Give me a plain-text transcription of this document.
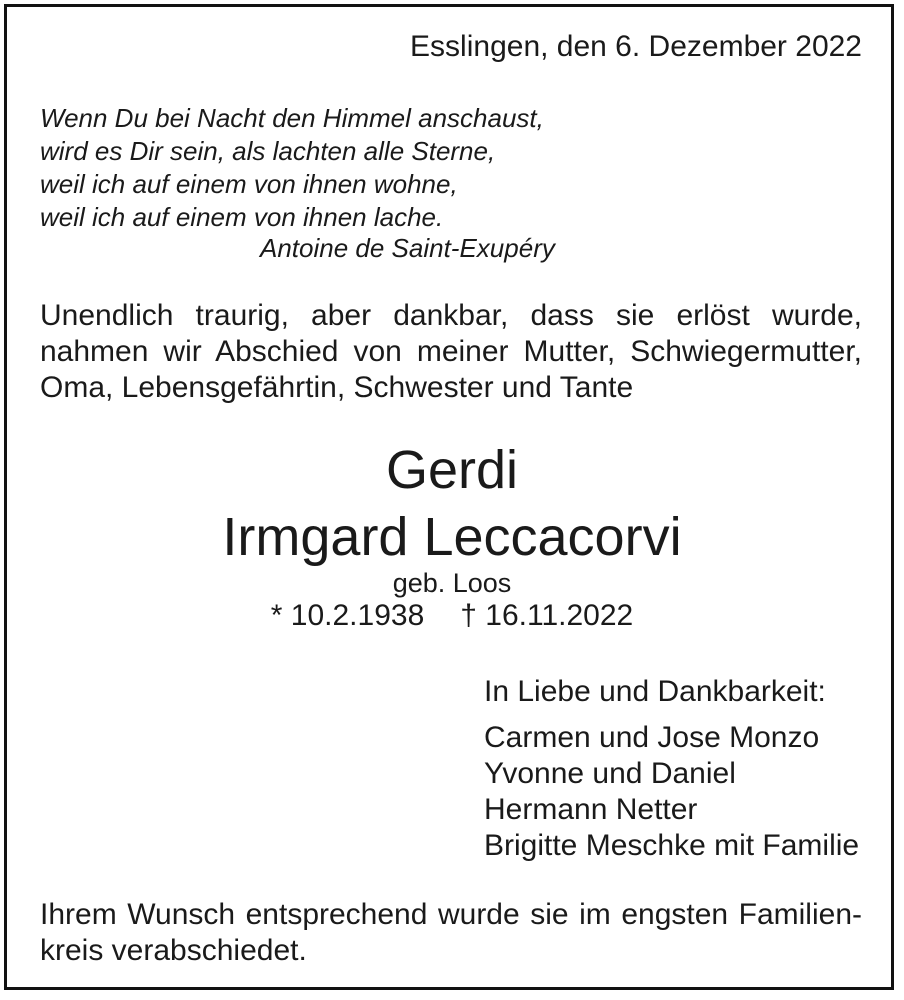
Esslingen, den 6. Dezember 2022
Wenn Du bei Nacht den Himmel anschaust,
wird es Dir sein, als lachten alle Sterne,
weil ich auf einem von ihnen wohne,
weil ich auf einem von ihnen lache.
Antoine de Saint-Exupéry
Unendlich traurig, aber dankbar, dass sie erlöst wurde,
nahmen wir Abschied von meiner Mutter, Schwiegermutter,
Oma, Lebensgefährtin, Schwester und Tante
Gerdi
Irmgard Leccacorvi
geb. Loos
* 10.2.1938 † 16.11.2022
In Liebe und Dankbarkeit:
Carmen und Jose Monzo
Yvonne und Daniel
Hermann Netter
Brigitte Meschke mit Familie
Ihrem Wunsch entsprechend wurde sie im engsten Familien-
kreis verabschiedet.
